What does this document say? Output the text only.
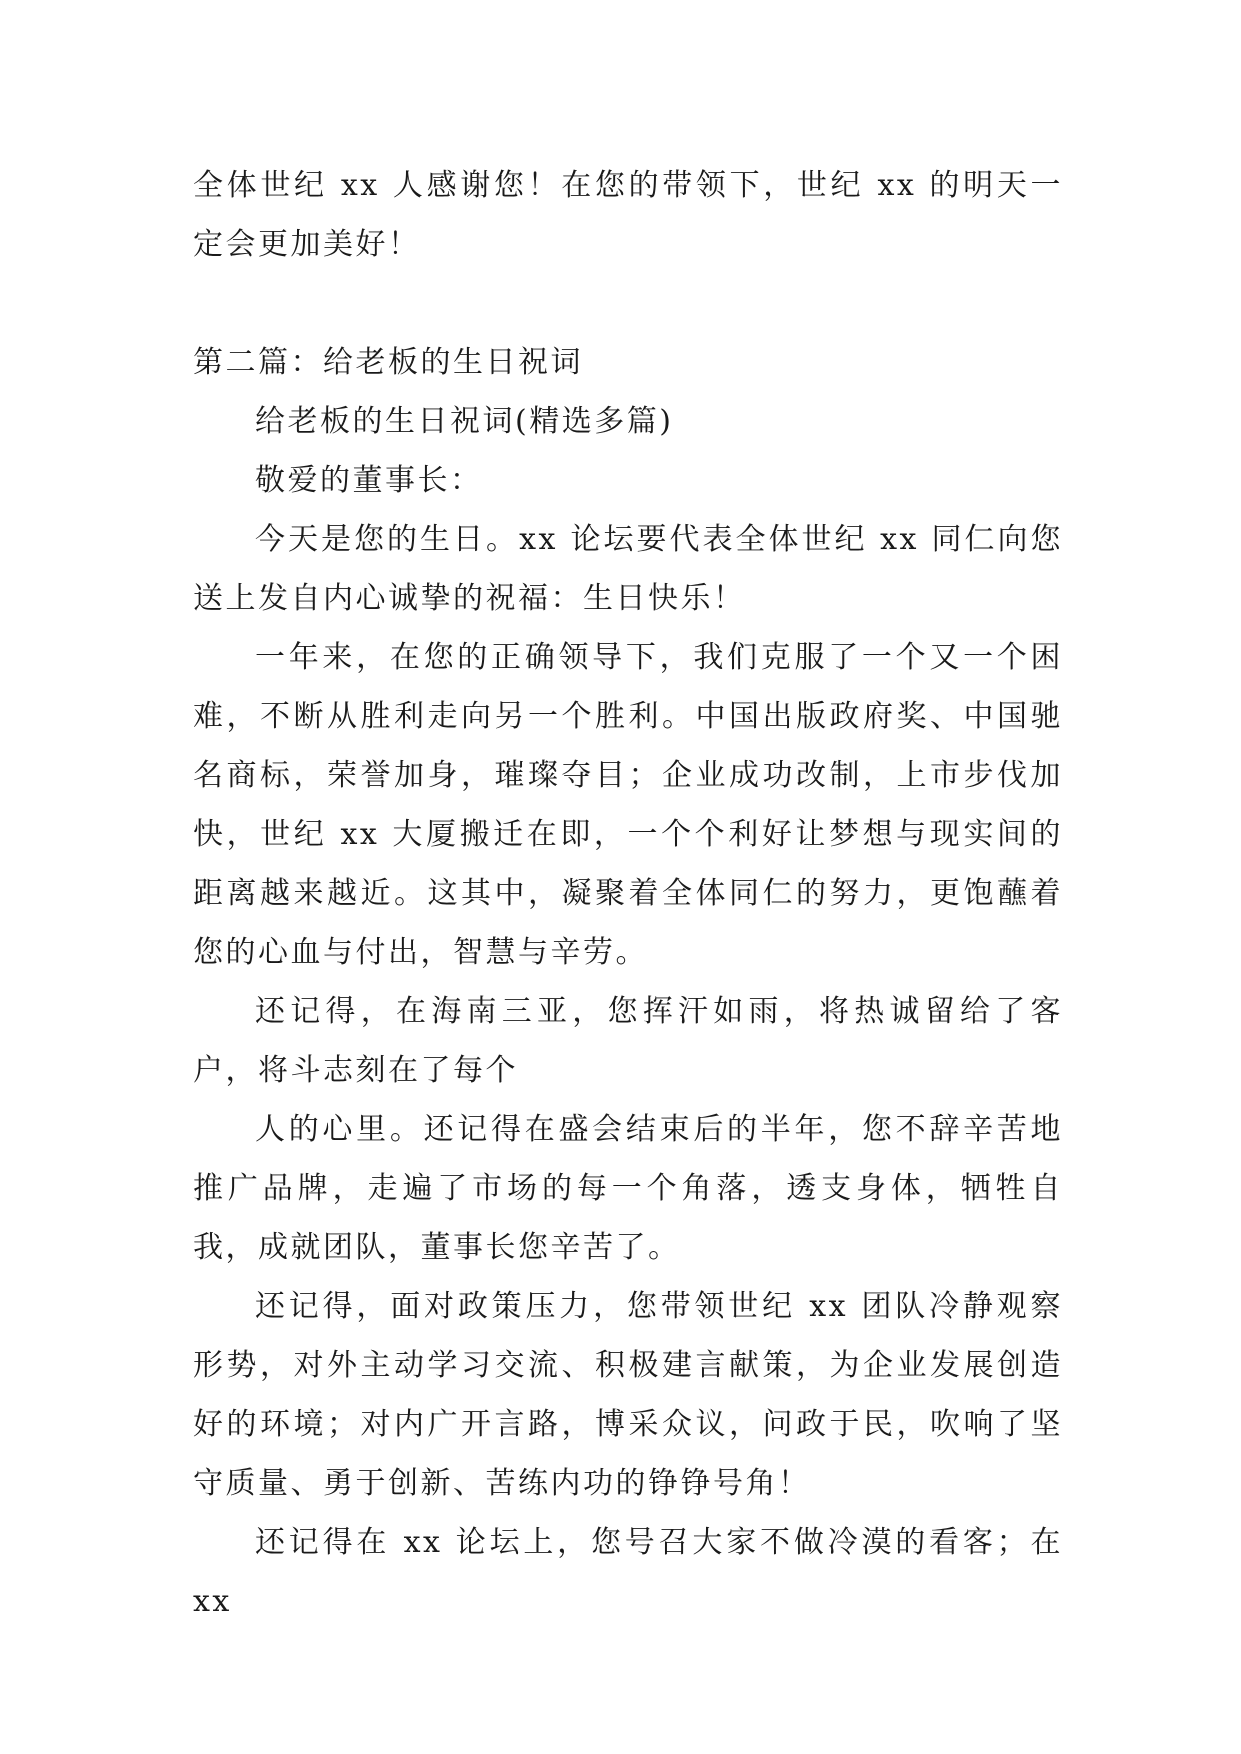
全体世纪 xx 人感谢您！在您的带领下，世纪 xx 的明天一定会更加美好！

第二篇：给老板的生日祝词

给老板的生日祝词(精选多篇)

敬爱的董事长：

今天是您的生日。xx 论坛要代表全体世纪 xx 同仁向您送上发自内心诚挚的祝福：生日快乐！

一年来，在您的正确领导下，我们克服了一个又一个困难，不断从胜利走向另一个胜利。中国出版政府奖、中国驰名商标，荣誉加身，璀璨夺目；企业成功改制，上市步伐加快，世纪 xx 大厦搬迁在即，一个个利好让梦想与现实间的距离越来越近。这其中，凝聚着全体同仁的努力，更饱蘸着您的心血与付出，智慧与辛劳。

还记得，在海南三亚，您挥汗如雨，将热诚留给了客户，将斗志刻在了每个

人的心里。还记得在盛会结束后的半年，您不辞辛苦地推广品牌，走遍了市场的每一个角落，透支身体，牺牲自我，成就团队，董事长您辛苦了。

还记得，面对政策压力，您带领世纪 xx 团队冷静观察形势，对外主动学习交流、积极建言献策，为企业发展创造好的环境；对内广开言路，博采众议，问政于民，吹响了坚守质量、勇于创新、苦练内功的铮铮号角！

还记得在 xx 论坛上，您号召大家不做冷漠的看客；在 xx
